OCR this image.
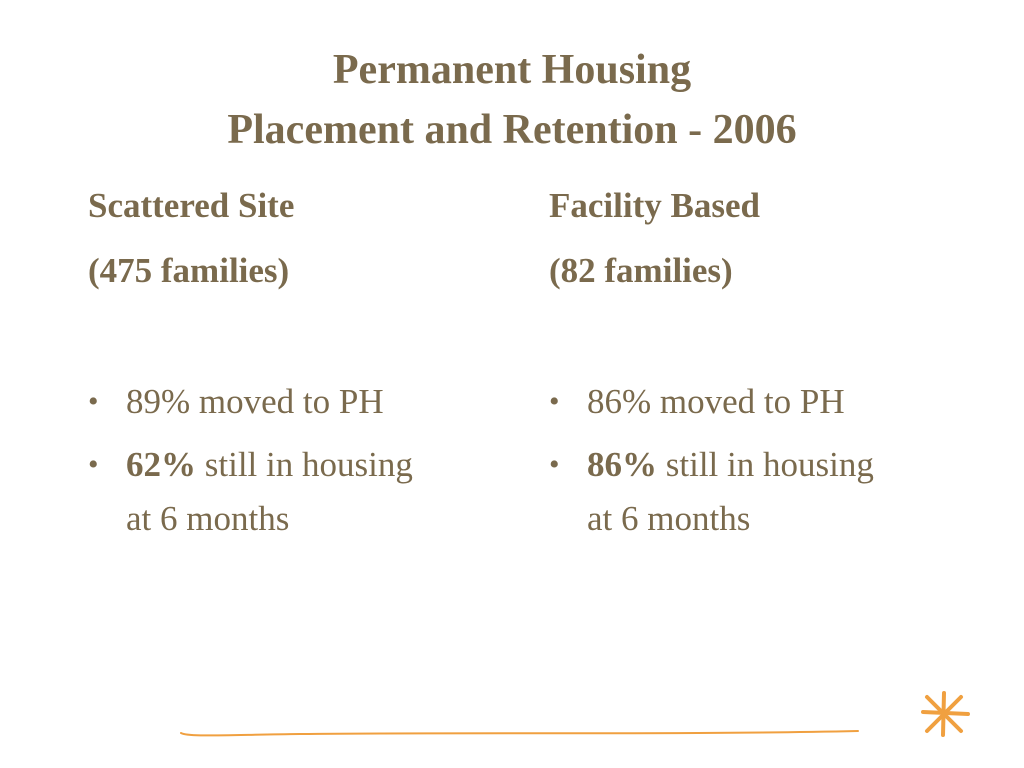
Permanent Housing
Placement and Retention - 2006

Scattered Site

(475 families)

• 89% moved to PH
• 62% still in housing
at 6 months

Facility Based

(82 families)

• 86% moved to PH
• 86% still in housing
at 6 months
